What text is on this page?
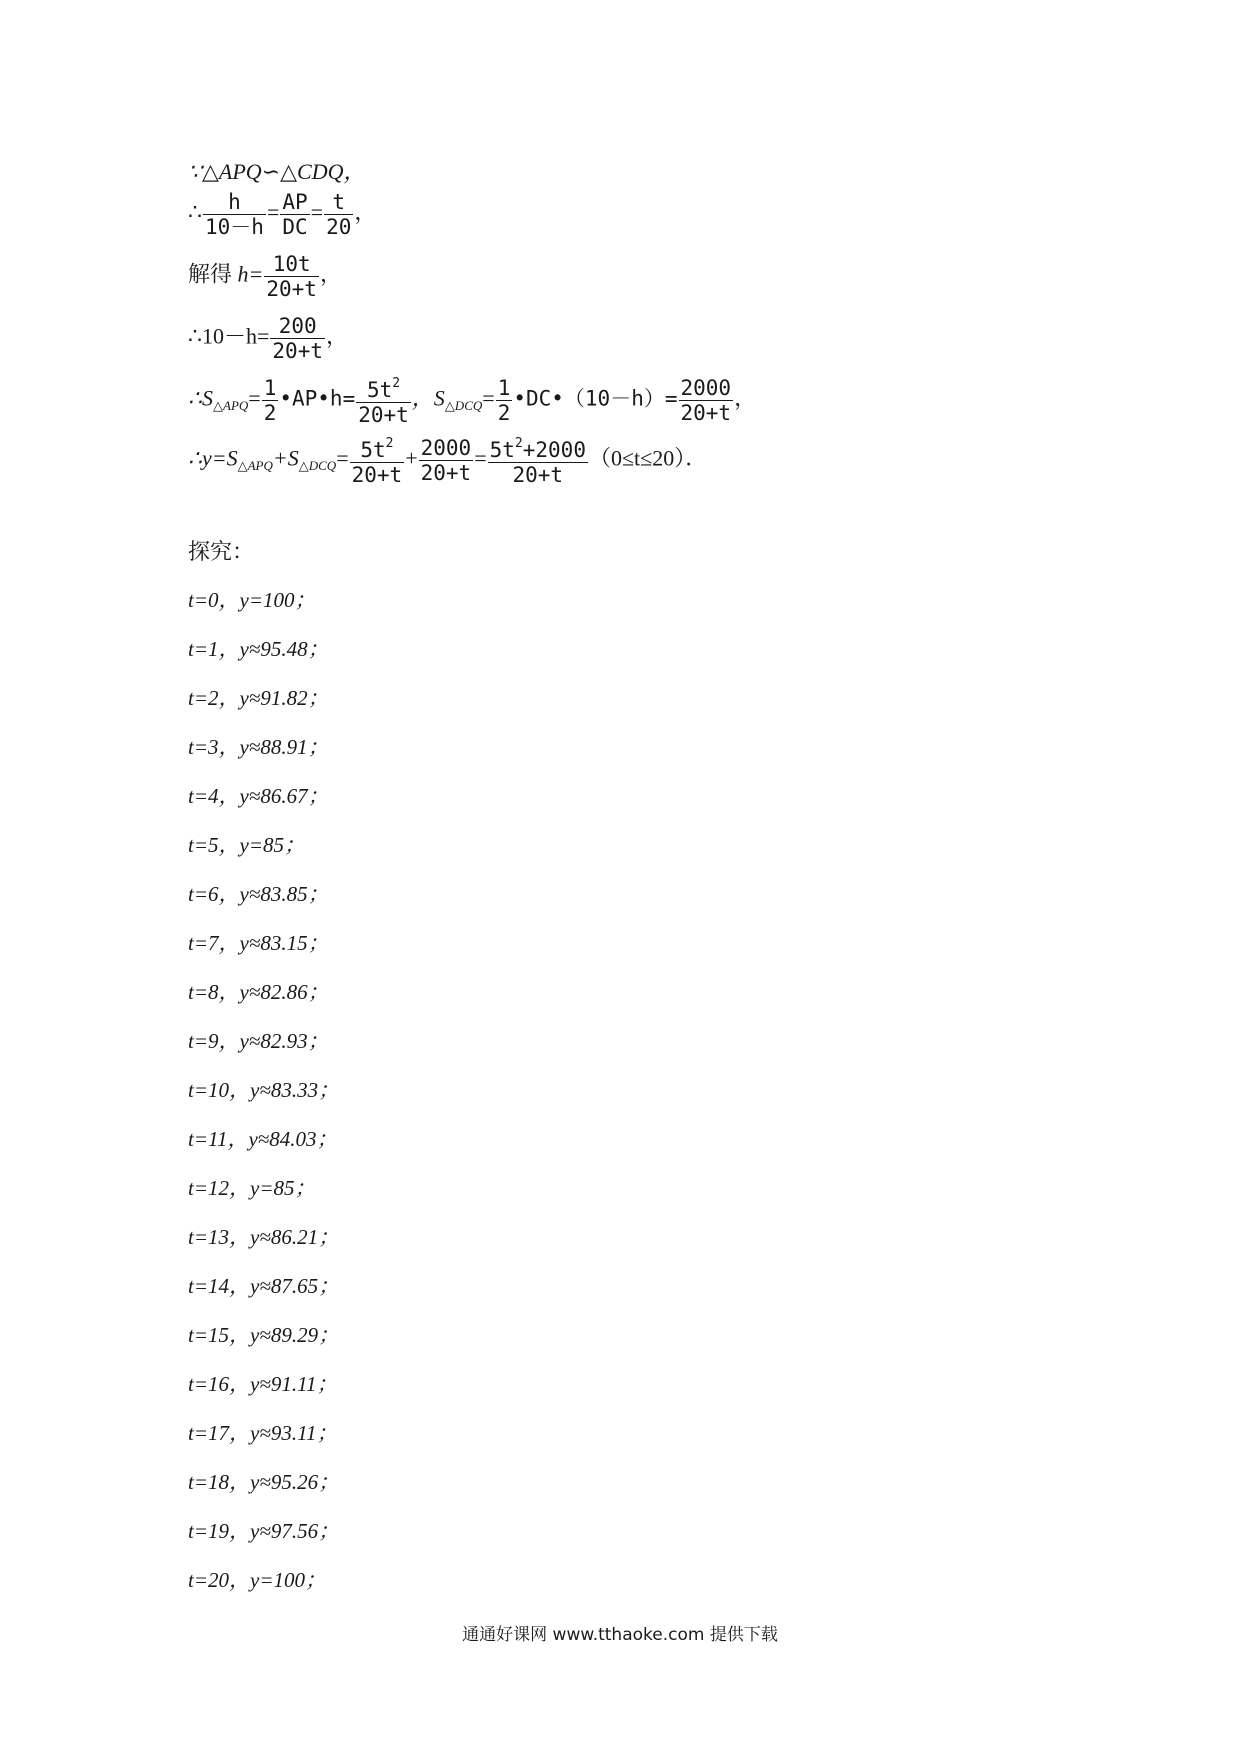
∵△APQ∽△CDQ，
∴ $\frac{h}{10-h} = \frac{AP}{DC} = \frac{t}{20}$ ，
解得 $h= \frac{10t}{20+t}$ ，
∴10－h= $\frac{200}{20+t}$ ，
∴S△APQ= $\frac{1}{2}$ •AP•h= $\frac{5t^2}{20+t}$ ，S△DCQ= $\frac{1}{2}$ •DC•（10－h）= $\frac{2000}{20+t}$ ，
∴y=S△APQ+S△DCQ= $\frac{5t^2}{20+t} + \frac{2000}{20+t} = \frac{5t^2+2000}{20+t} (0\le t\le 20)$．
探究：
t=0，y=100；
t=1，y≈95.48；
t=2，y≈91.82；
t=3，y≈88.91；
t=4，y≈86.67；
t=5，y=85；
t=6，y≈83.85；
t=7，y≈83.15；
t=8，y≈82.86；
t=9，y≈82.93；
t=10，y≈83.33；
t=11，y≈84.03；
t=12，y=85；
t=13，y≈86.21；
t=14，y≈87.65；
t=15，y≈89.29；
t=16，y≈91.11；
t=17，y≈93.11；
t=18，y≈95.26；
t=19，y≈97.56；
t=20，y=100；
通通好课网 www.tthaoke.com 提供下载
